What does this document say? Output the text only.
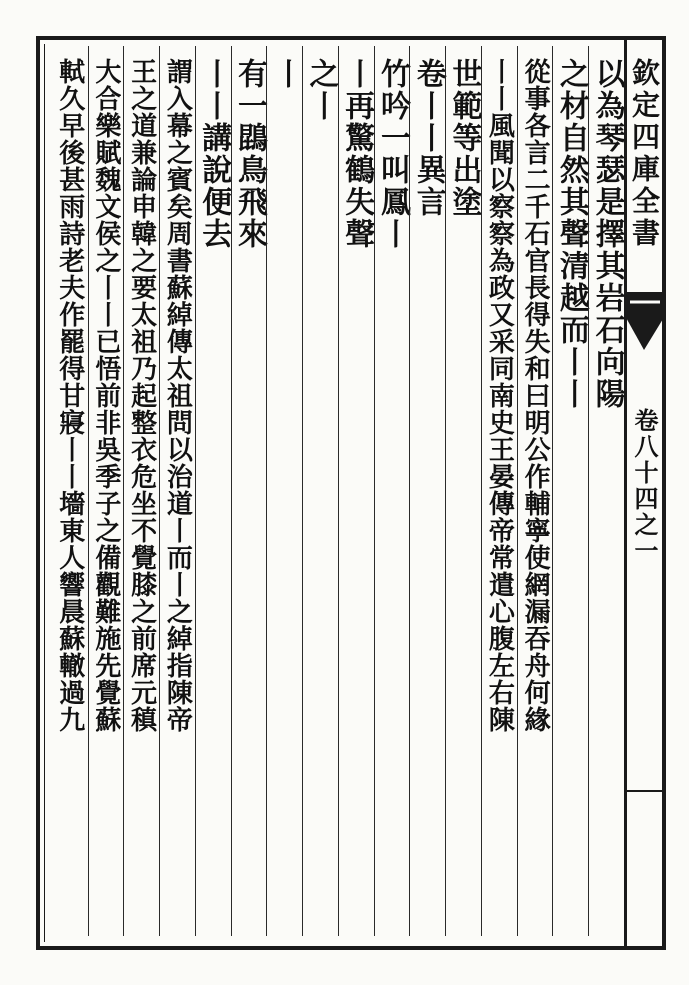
以為琴瑟是擇其岩石向陽
之材自然其聲清越而丨丨
從事各言二千石官長得失和曰明公作輔寧使網漏吞舟何緣
丨丨風聞以察察為政又采同南史王晏傳帝常遣心腹左右陳
世範等出塗
卷丨丨異言
竹吟一叫鳳丨
丨再驚鶴失聲
之丨
丨
有一鵾鳥飛來
丨丨講說便去
謂入幕之賓矣周書蘇綽傳太祖問以治道丨而丨之綽指陳帝
王之道兼論申韓之要太祖乃起整衣危坐不覺膝之前席元稹
大合樂賦魏文侯之丨丨已悟前非吳季子之備觀難施先覺蘇
軾久早後甚雨詩老夫作罷得甘寢丨丨墻東人響晨蘇轍過九	欽定四庫全書
卷八十四之一
